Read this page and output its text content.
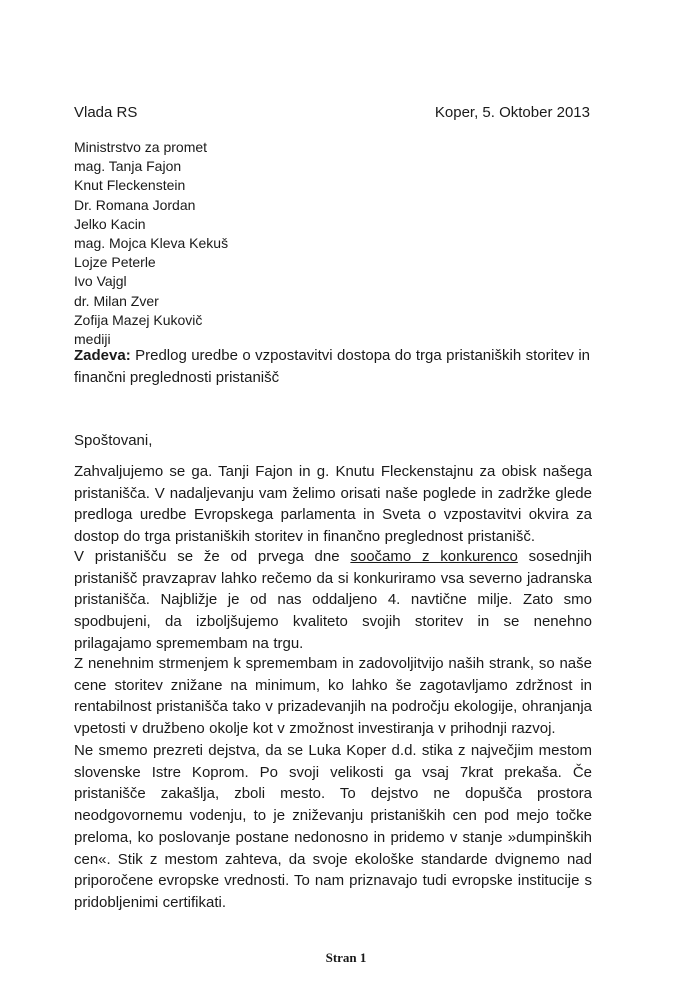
Vlada RS	Koper, 5. Oktober 2013
Ministrstvo za promet
mag. Tanja Fajon
Knut Fleckenstein
Dr. Romana Jordan
Jelko Kacin
mag. Mojca Kleva Kekuš
Lojze Peterle
Ivo Vajgl
dr. Milan Zver
Zofija Mazej Kukovič
mediji
Zadeva: Predlog uredbe o vzpostavitvi dostopa do trga pristaniških storitev in finančni preglednosti pristanišč
Spoštovani,
Zahvaljujemo se ga. Tanji Fajon in g. Knutu Fleckenstajnu za obisk našega pristanišča. V nadaljevanju vam želimo orisati naše poglede in zadržke glede predloga uredbe Evropskega parlamenta in Sveta o vzpostavitvi okvira za dostop do trga pristaniških storitev in finančno preglednost pristanišč.
V pristanišču se že od prvega dne soočamo z konkurenco sosednjih pristanišč pravzaprav lahko rečemo da si konkuriramo vsa severno jadranska pristanišča. Najbližje je od nas oddaljeno 4. navtične milje. Zato smo spodbujeni, da izboljšujemo kvaliteto svojih storitev in se nenehno prilagajamo spremembam na trgu.
Z nenehnim strmenjem k spremembam in zadovoljitvijo naših strank, so naše cene storitev znižane na minimum, ko lahko še zagotavljamo zdržnost in rentabilnost pristanišča tako v prizadevanjih na področju ekologije, ohranjanja vpetosti v družbeno okolje kot v zmožnost investiranja v prihodnji razvoj.
Ne smemo prezreti dejstva, da se Luka Koper d.d. stika z največjim mestom slovenske Istre Koprom. Po svoji velikosti ga vsaj 7krat prekaša. Če pristanišče zakašlja, zboli mesto. To dejstvo ne dopušča prostora neodgovornemu vodenju, to je zniževanju pristaniških cen pod mejo točke preloma, ko poslovanje postane nedonosno in pridemo v stanje »dumpinških cen«. Stik z mestom zahteva, da svoje ekološke standarde dvignemo nad priporočene evropske vrednosti. To nam priznavajo tudi evropske institucije s pridobljenimi certifikati.
Stran 1
